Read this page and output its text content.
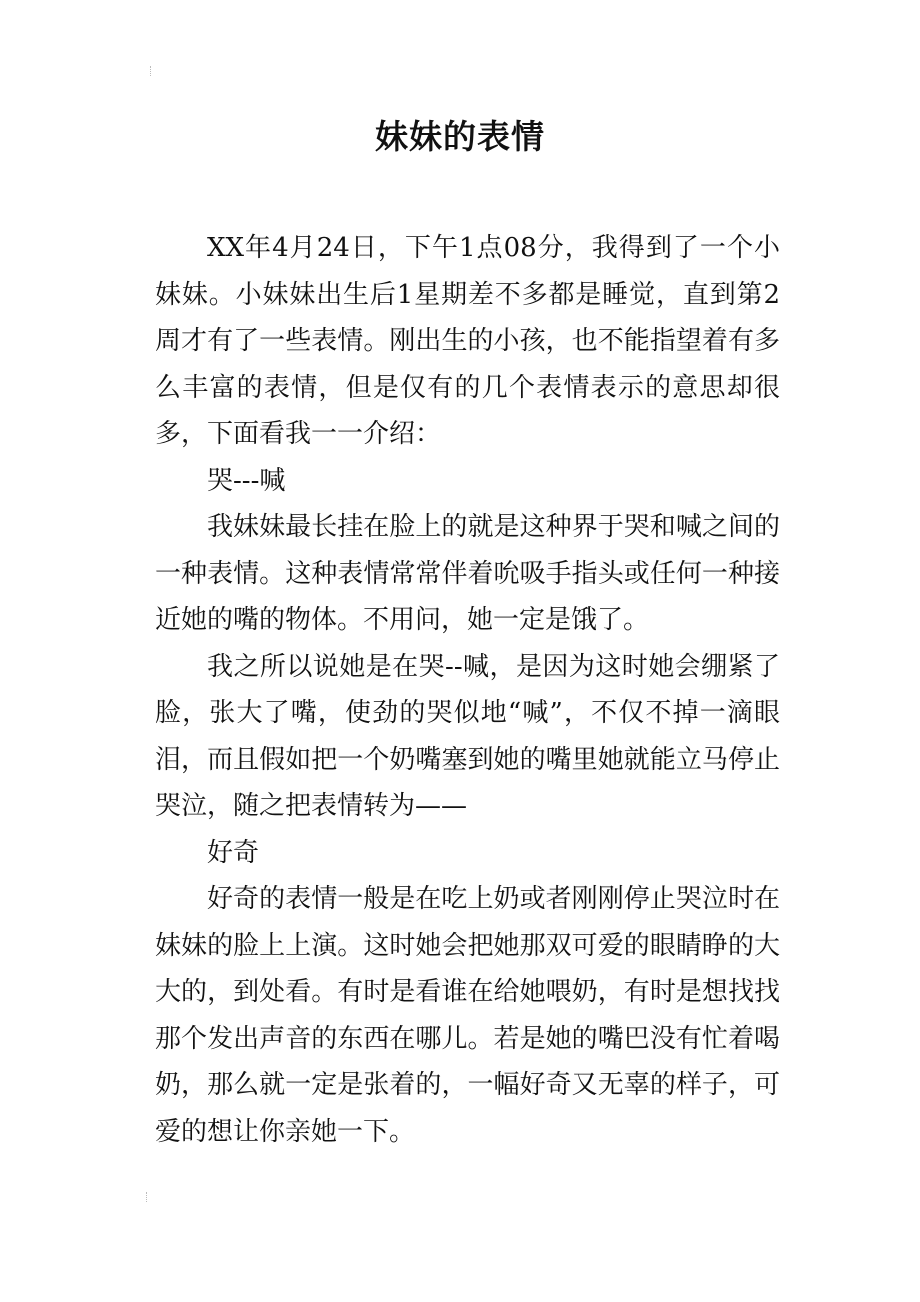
妹妹的表情

XX年4月24日，下午1点08分，我得到了一个小妹妹。小妹妹出生后1星期差不多都是睡觉，直到第2周才有了一些表情。刚出生的小孩，也不能指望着有多么丰富的表情，但是仅有的几个表情表示的意思却很多，下面看我一一介绍：

哭---喊

我妹妹最长挂在脸上的就是这种界于哭和喊之间的一种表情。这种表情常常伴着吮吸手指头或任何一种接近她的嘴的物体。不用问，她一定是饿了。

我之所以说她是在哭--喊，是因为这时她会绷紧了脸，张大了嘴，使劲的哭似地“喊”，不仅不掉一滴眼泪，而且假如把一个奶嘴塞到她的嘴里她就能立马停止哭泣，随之把表情转为——

好奇

好奇的表情一般是在吃上奶或者刚刚停止哭泣时在妹妹的脸上上演。这时她会把她那双可爱的眼睛睁的大大的，到处看。有时是看谁在给她喂奶，有时是想找找那个发出声音的东西在哪儿。若是她的嘴巴没有忙着喝奶，那么就一定是张着的，一幅好奇又无辜的样子，可爱的想让你亲她一下。
